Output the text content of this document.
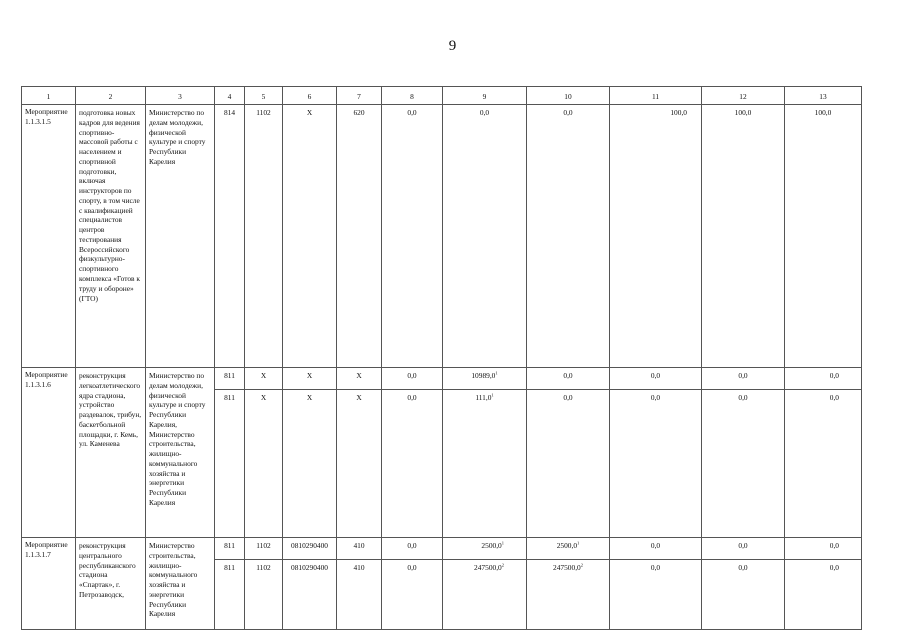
9
1	2	3	4	5	6	7	8	9	10	11	12	13
Мероприятие 1.1.3.1.5	подготовка новых кадров для ведения спортивно-массовой работы с населением и спортивной подготовки, включая инструкторов по спорту, в том числе с квалификацией специалистов центров тестирования Всероссийского физкультурно-спортивного комплекса «Готов к труду и обороне» (ГТО)	Министерство по делам молодежи, физической культуре и спорту Республики Карелия	814	1102	X	620	0,0	0,0	0,0	100,0	100,0	100,0
Мероприятие 1.1.3.1.6	реконструкция легкоатлетического ядра стадиона, устройство раздевалок, трибун, баскетбольной площадки, г. Кемь, ул. Каменева	Министерство по делам молодежи, физической культуре и спорту Республики Карелия, Министерство строительства, жилищно-коммунального хозяйства и энергетики Республики Карелия	811	X	X	X	0,0	10989,0$^1$	0,0	0,0	0,0	0,0
			811	X	X	X	0,0	111,0$^1$	0,0	0,0	0,0	0,0
Мероприятие 1.1.3.1.7	реконструкция центрального республиканского стадиона «Спартак», г. Петрозаводск,	Министерство строительства, жилищно-коммунального хозяйства и энергетики Республики Карелия	811	1102	0810290400	410	0,0	2500,0$^1$	2500,0$^1$	0,0	0,0	0,0
			811	1102	0810290400	410	0,0	247500,0$^2$	247500,0$^2$	0,0	0,0	0,0
